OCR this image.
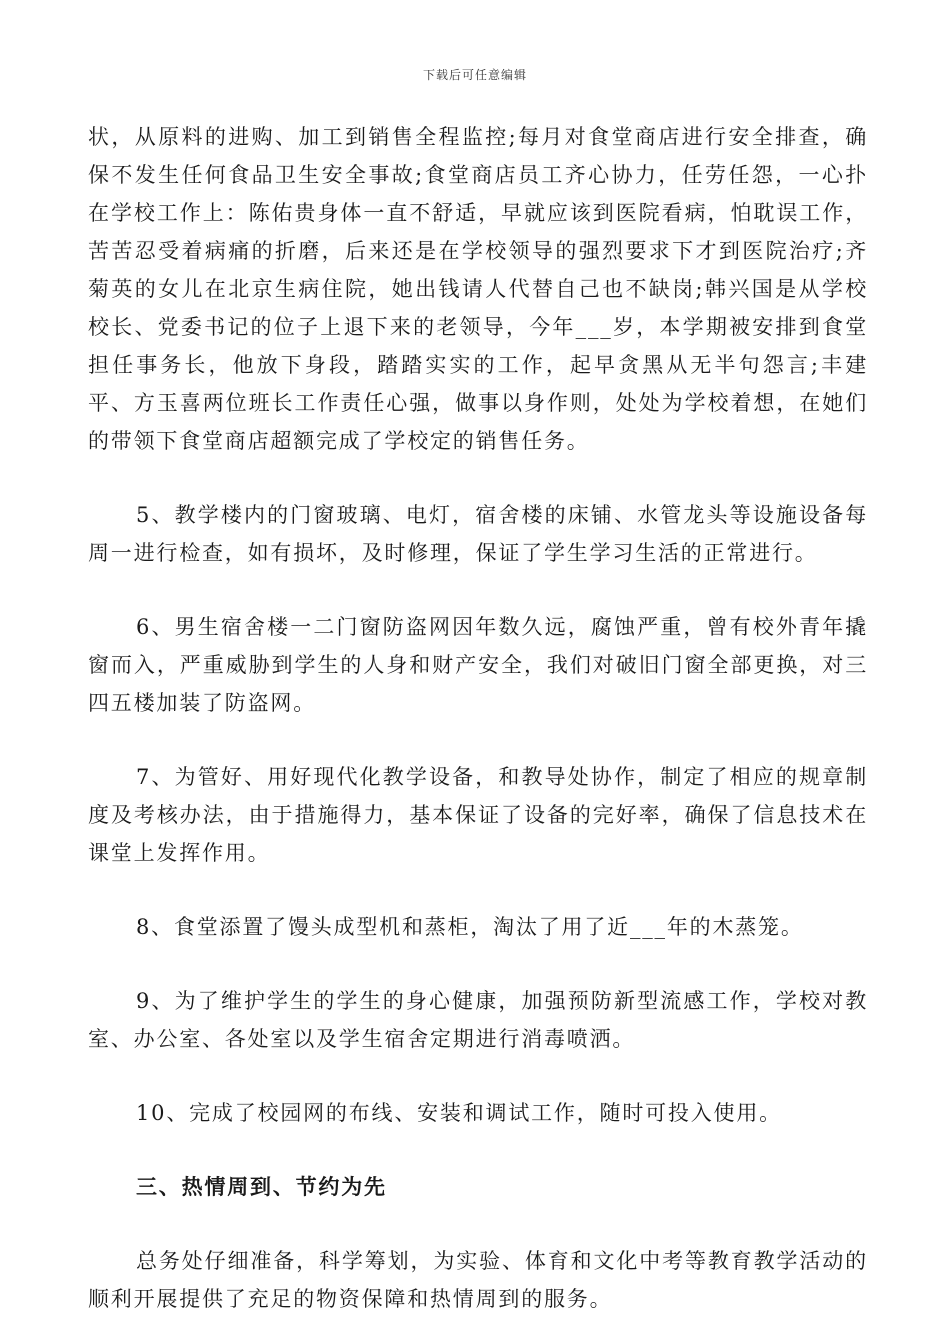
下载后可任意编辑

状，从原料的进购、加工到销售全程监控;每月对食堂商店进行安全排查，确保不发生任何食品卫生安全事故;食堂商店员工齐心协力，任劳任怨，一心扑在学校工作上：陈佑贵身体一直不舒适，早就应该到医院看病，怕耽误工作，苦苦忍受着病痛的折磨，后来还是在学校领导的强烈要求下才到医院治疗;齐菊英的女儿在北京生病住院，她出钱请人代替自己也不缺岗;韩兴国是从学校校长、党委书记的位子上退下来的老领导，今年___岁，本学期被安排到食堂担任事务长，他放下身段，踏踏实实的工作，起早贪黑从无半句怨言;丰建平、方玉喜两位班长工作责任心强，做事以身作则，处处为学校着想，在她们的带领下食堂商店超额完成了学校定的销售任务。

5、教学楼内的门窗玻璃、电灯，宿舍楼的床铺、水管龙头等设施设备每周一进行检查，如有损坏，及时修理，保证了学生学习生活的正常进行。

6、男生宿舍楼一二门窗防盗网因年数久远，腐蚀严重，曾有校外青年撬窗而入，严重威胁到学生的人身和财产安全，我们对破旧门窗全部更换，对三四五楼加装了防盗网。

7、为管好、用好现代化教学设备，和教导处协作，制定了相应的规章制度及考核办法，由于措施得力，基本保证了设备的完好率，确保了信息技术在课堂上发挥作用。

8、食堂添置了馒头成型机和蒸柜，淘汰了用了近___年的木蒸笼。

9、为了维护学生的学生的身心健康，加强预防新型流感工作，学校对教室、办公室、各处室以及学生宿舍定期进行消毒喷洒。

10、完成了校园网的布线、安装和调试工作，随时可投入使用。

三、热情周到、节约为先

总务处仔细准备，科学筹划，为实验、体育和文化中考等教育教学活动的顺利开展提供了充足的物资保障和热情周到的服务。
